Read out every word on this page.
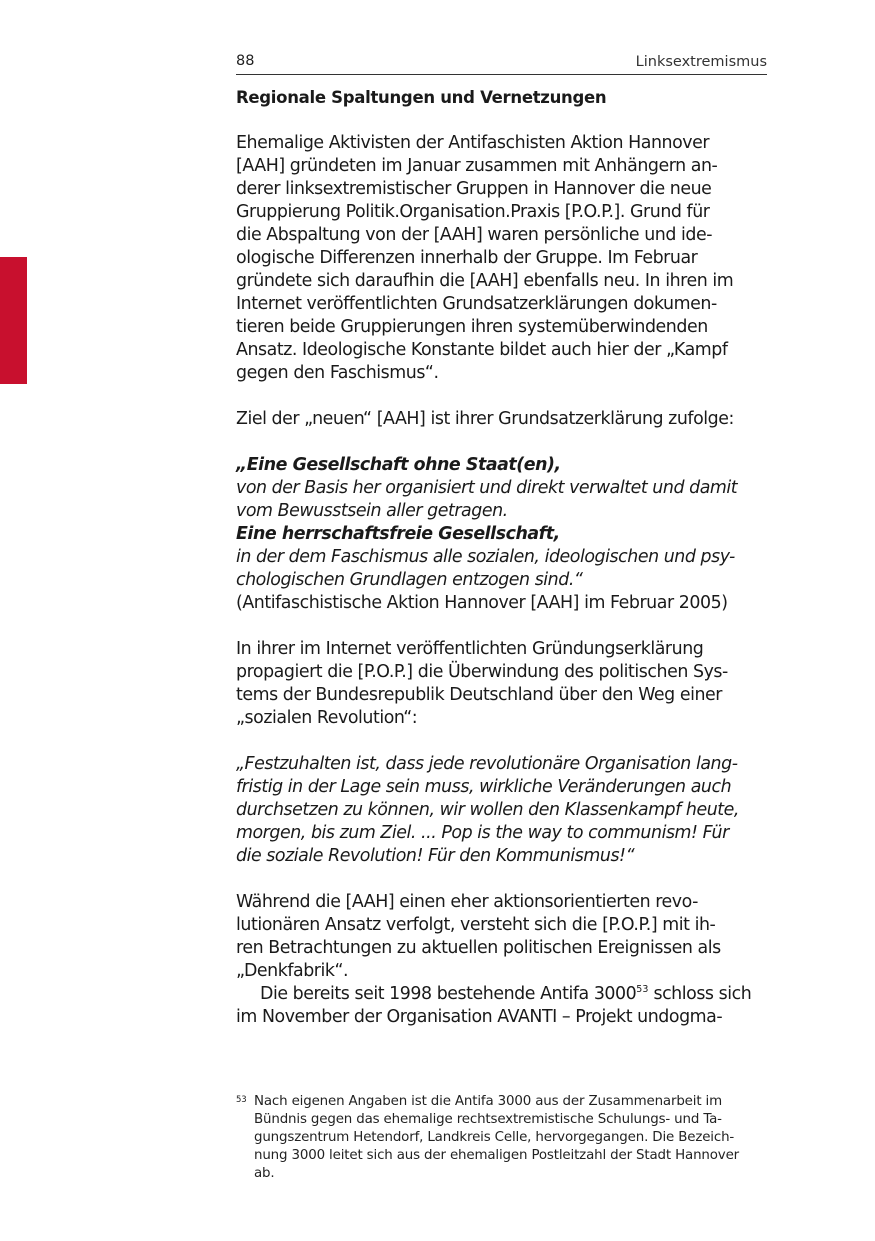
88	Linksextremismus
Regionale Spaltungen und Vernetzungen
Ehemalige Aktivisten der Antifaschisten Aktion Hannover
[AAH] gründeten im Januar zusammen mit Anhängern an-
derer linksextremistischer Gruppen in Hannover die neue
Gruppierung Politik.Organisation.Praxis [P.O.P.]. Grund für
die Abspaltung von der [AAH] waren persönliche und ide-
ologische Differenzen innerhalb der Gruppe. Im Februar
gründete sich daraufhin die [AAH] ebenfalls neu. In ihren im
Internet veröffentlichten Grundsatzerklärungen dokumen-
tieren beide Gruppierungen ihren systemüberwindenden
Ansatz. Ideologische Konstante bildet auch hier der „Kampf
gegen den Faschismus“.
Ziel der „neuen“ [AAH] ist ihrer Grundsatzerklärung zufolge:
„Eine Gesellschaft ohne Staat(en),
von der Basis her organisiert und direkt verwaltet und damit
vom Bewusstsein aller getragen.
Eine herrschaftsfreie Gesellschaft,
in der dem Faschismus alle sozialen, ideologischen und psy-
chologischen Grundlagen entzogen sind.“
(Antifaschistische Aktion Hannover [AAH] im Februar 2005)
In ihrer im Internet veröffentlichten Gründungserklärung
propagiert die [P.O.P.] die Überwindung des politischen Sys-
tems der Bundesrepublik Deutschland über den Weg einer
„sozialen Revolution“:
„Festzuhalten ist, dass jede revolutionäre Organisation lang-
fristig in der Lage sein muss, wirkliche Veränderungen auch
durchsetzen zu können, wir wollen den Klassenkampf heute,
morgen, bis zum Ziel. ... Pop is the way to communism! Für
die soziale Revolution! Für den Kommunismus!“
Während die [AAH] einen eher aktionsorientierten revo-
lutionären Ansatz verfolgt, versteht sich die [P.O.P.] mit ih-
ren Betrachtungen zu aktuellen politischen Ereignissen als
„Denkfabrik“.
Die bereits seit 1998 bestehende Antifa 3000$^{53}$ schloss sich
im November der Organisation AVANTI – Projekt undogma-
53 Nach eigenen Angaben ist die Antifa 3000 aus der Zusammenarbeit im
Bündnis gegen das ehemalige rechtsextremistische Schulungs- und Ta-
gungszentrum Hetendorf, Landkreis Celle, hervorgegangen. Die Bezeich-
nung 3000 leitet sich aus der ehemaligen Postleitzahl der Stadt Hannover
ab.
